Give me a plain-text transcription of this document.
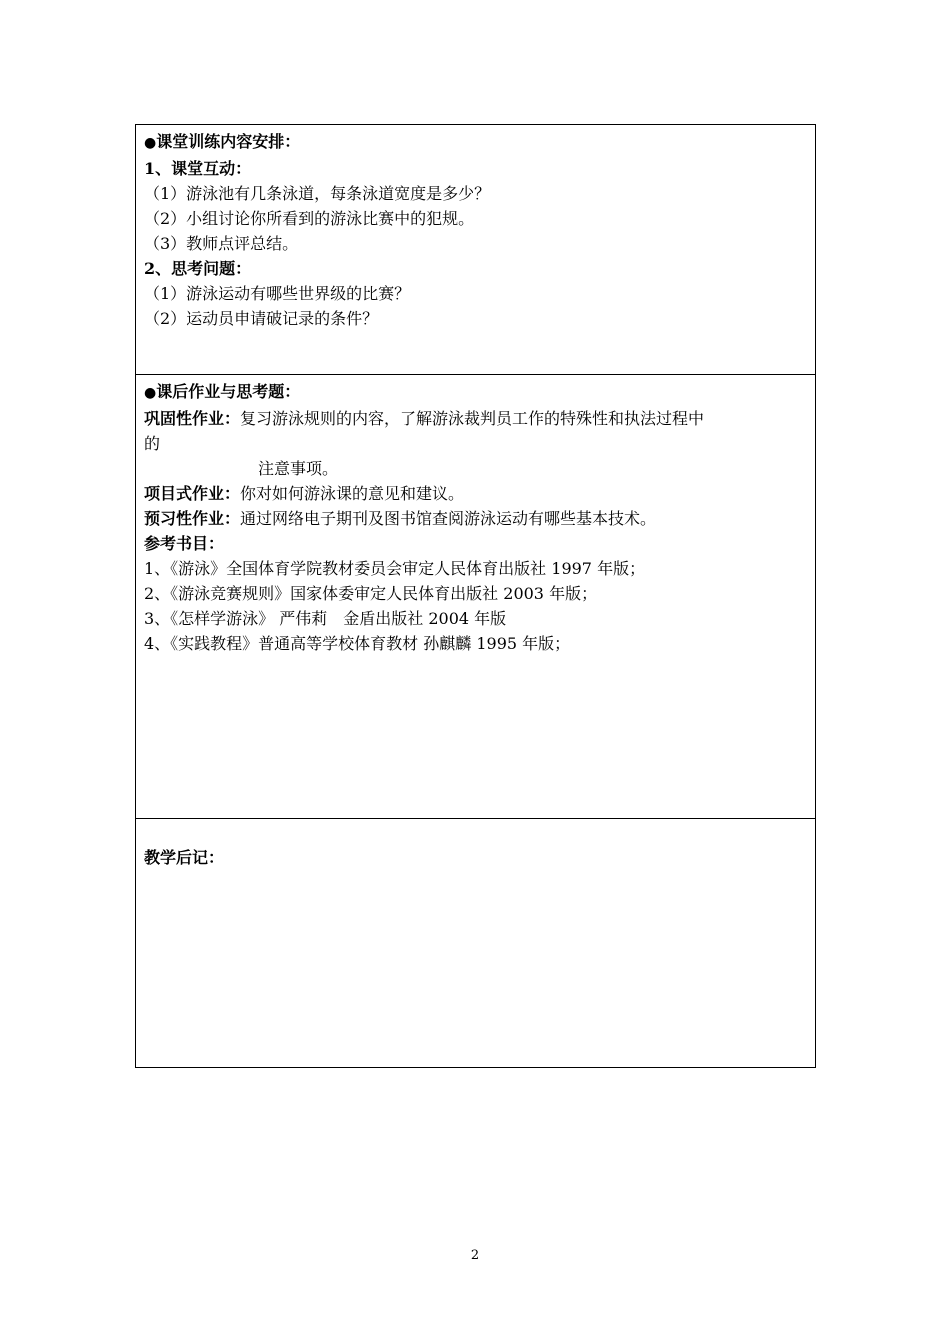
●课堂训练内容安排：
1、课堂互动：
（1）游泳池有几条泳道，每条泳道宽度是多少？
（2）小组讨论你所看到的游泳比赛中的犯规。
（3）教师点评总结。
2、思考问题：
（1）游泳运动有哪些世界级的比赛？
（2）运动员申请破记录的条件？
●课后作业与思考题：
巩固性作业：复习游泳规则的内容，了解游泳裁判员工作的特殊性和执法过程中
的
注意事项。
项目式作业：你对如何游泳课的意见和建议。
预习性作业：通过网络电子期刊及图书馆查阅游泳运动有哪些基本技术。
参考书目：
1、《游泳》全国体育学院教材委员会审定人民体育出版社 1997 年版；
2、《游泳竞赛规则》国家体委审定人民体育出版社 2003 年版；
3、《怎样学游泳》 严伟莉　金盾出版社 2004 年版
4、《实践教程》普通高等学校体育教材 孙麒麟 1995 年版；
教学后记：
2
